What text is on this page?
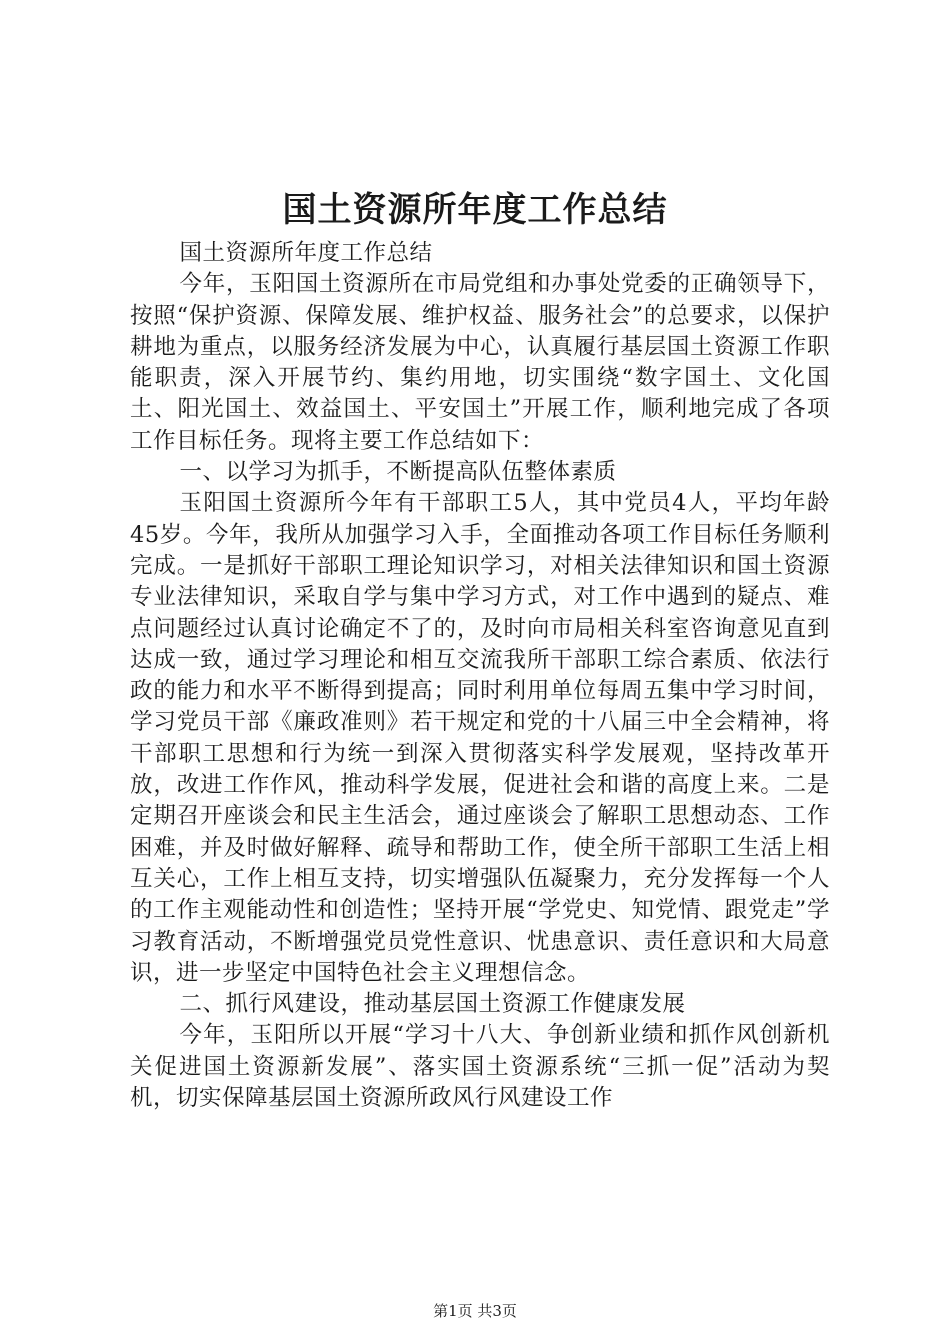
国土资源所年度工作总结

国土资源所年度工作总结

今年，玉阳国土资源所在市局党组和办事处党委的正确领导下，按照“保护资源、保障发展、维护权益、服务社会”的总要求，以保护耕地为重点，以服务经济发展为中心，认真履行基层国土资源工作职能职责，深入开展节约、集约用地，切实围绕“数字国土、文化国土、阳光国土、效益国土、平安国土”开展工作，顺利地完成了各项工作目标任务。现将主要工作总结如下：

一、以学习为抓手，不断提高队伍整体素质

玉阳国土资源所今年有干部职工5人，其中党员4人，平均年龄45岁。今年，我所从加强学习入手，全面推动各项工作目标任务顺利完成。一是抓好干部职工理论知识学习，对相关法律知识和国土资源专业法律知识，采取自学与集中学习方式，对工作中遇到的疑点、难点问题经过认真讨论确定不了的，及时向市局相关科室咨询意见直到达成一致，通过学习理论和相互交流我所干部职工综合素质、依法行政的能力和水平不断得到提高；同时利用单位每周五集中学习时间，学习党员干部《廉政准则》若干规定和党的十八届三中全会精神，将干部职工思想和行为统一到深入贯彻落实科学发展观，坚持改革开放，改进工作作风，推动科学发展，促进社会和谐的高度上来。二是定期召开座谈会和民主生活会，通过座谈会了解职工思想动态、工作困难，并及时做好解释、疏导和帮助工作，使全所干部职工生活上相互关心，工作上相互支持，切实增强队伍凝聚力，充分发挥每一个人的工作主观能动性和创造性；坚持开展“学党史、知党情、跟党走”学习教育活动，不断增强党员党性意识、忧患意识、责任意识和大局意识，进一步坚定中国特色社会主义理想信念。

二、抓行风建设，推动基层国土资源工作健康发展

今年，玉阳所以开展“学习十八大、争创新业绩和抓作风创新机关促进国土资源新发展”、落实国土资源系统“三抓一促”活动为契机，切实保障基层国土资源所政风行风建设工作

第1页 共3页
